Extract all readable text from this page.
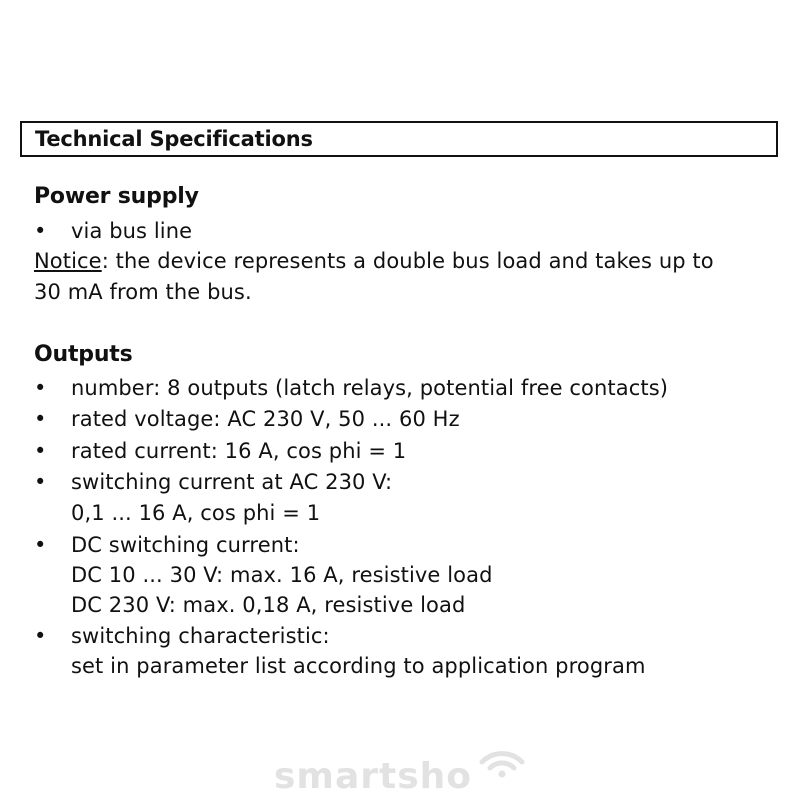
Technical Specifications
Power supply
• via bus line
Notice: the device represents a double bus load and takes up to
30 mA from the bus.
Outputs
• number: 8 outputs (latch relays, potential free contacts)
• rated voltage: AC 230 V, 50 ... 60 Hz
• rated current: 16 A, cos phi = 1
• switching current at AC 230 V:
0,1 ... 16 A, cos phi = 1
• DC switching current:
DC 10 ... 30 V: max. 16 A, resistive load
DC 230 V: max. 0,18 A, resistive load
• switching characteristic:
set in parameter list according to application program
smartsho
